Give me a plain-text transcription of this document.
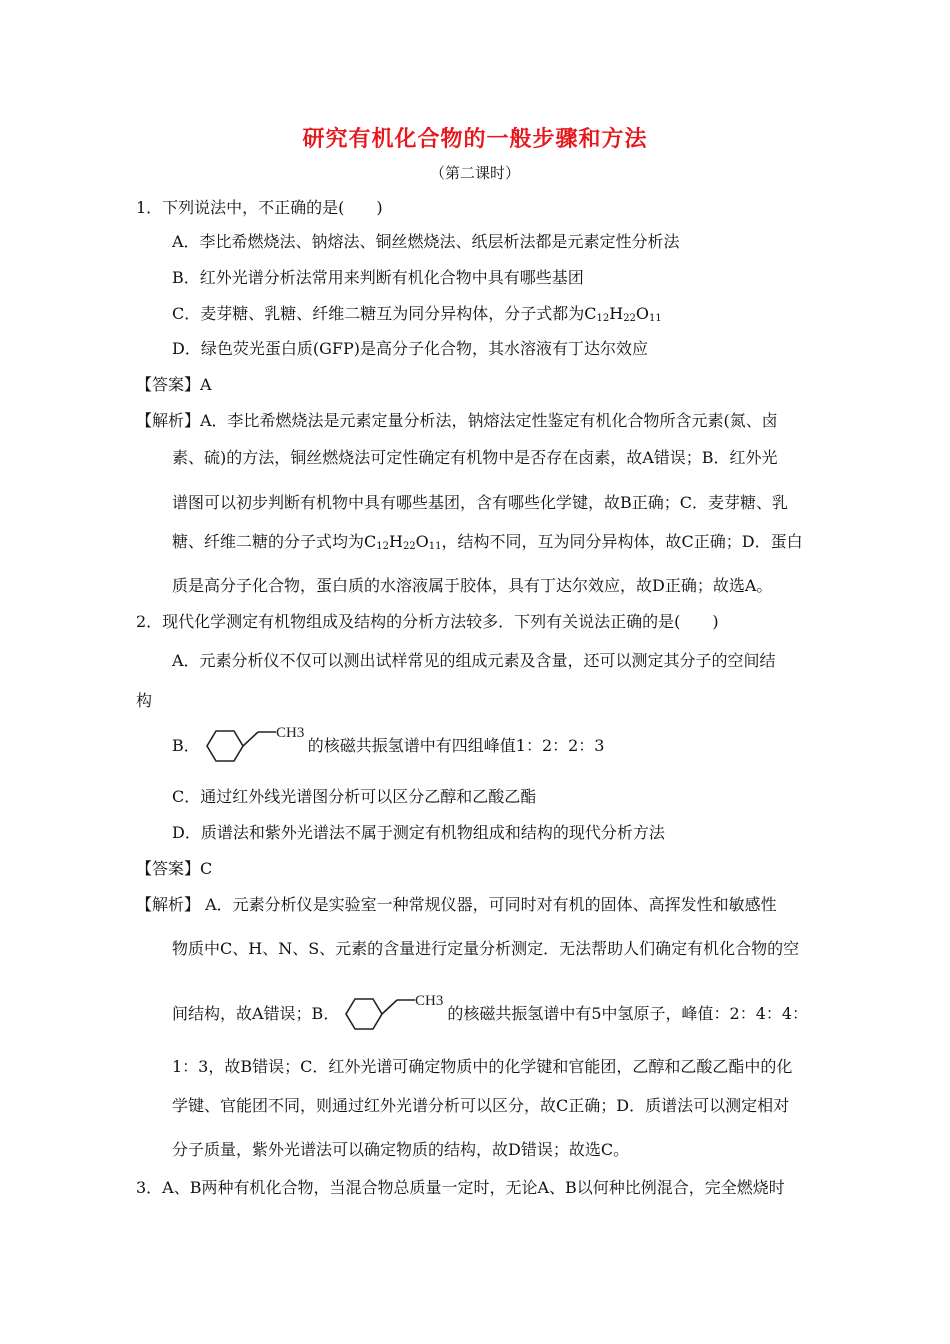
研究有机化合物的一般步骤和方法
（第二课时）
1．下列说法中，不正确的是(　　)
A．李比希燃烧法、钠熔法、铜丝燃烧法、纸层析法都是元素定性分析法
B．红外光谱分析法常用来判断有机化合物中具有哪些基团
C．麦芽糖、乳糖、纤维二糖互为同分异构体，分子式都为$C_{12}H_{22}O_{11}$
D．绿色荧光蛋白质(GFP)是高分子化合物，其水溶液有丁达尔效应
【答案】A
【解析】A．李比希燃烧法是元素定量分析法，钠熔法定性鉴定有机化合物所含元素(氮、卤
素、硫)的方法，铜丝燃烧法可定性确定有机物中是否存在卤素，故A错误；B．红外光
谱图可以初步判断有机物中具有哪些基团，含有哪些化学键，故B正确；C．麦芽糖、乳
糖、纤维二糖的分子式均为$C_{12}H_{22}O_{11}$，结构不同，互为同分异构体，故C正确；D．蛋白
质是高分子化合物，蛋白质的水溶液属于胶体，具有丁达尔效应，故D正确；故选A。
2．现代化学测定有机物组成及结构的分析方法较多．下列有关说法正确的是(　　)
A．元素分析仪不仅可以测出试样常见的组成元素及含量，还可以测定其分子的空间结
构
B．
CH3
的核磁共振氢谱中有四组峰值1：2：2：3
C．通过红外线光谱图分析可以区分乙醇和乙酸乙酯
D．质谱法和紫外光谱法不属于测定有机物组成和结构的现代分析方法
【答案】C
【解析】 A．元素分析仪是实验室一种常规仪器，可同时对有机的固体、高挥发性和敏感性
物质中C、H、N、S、元素的含量进行定量分析测定．无法帮助人们确定有机化合物的空
间结构，故A错误；B．
CH3
的核磁共振氢谱中有5中氢原子，峰值：2：4：4：
1：3，故B错误；C．红外光谱可确定物质中的化学键和官能团，乙醇和乙酸乙酯中的化
学键、官能团不同，则通过红外光谱分析可以区分，故C正确；D．质谱法可以测定相对
分子质量，紫外光谱法可以确定物质的结构，故D错误；故选C。
3．A、B两种有机化合物，当混合物总质量一定时，无论A、B以何种比例混合，完全燃烧时
